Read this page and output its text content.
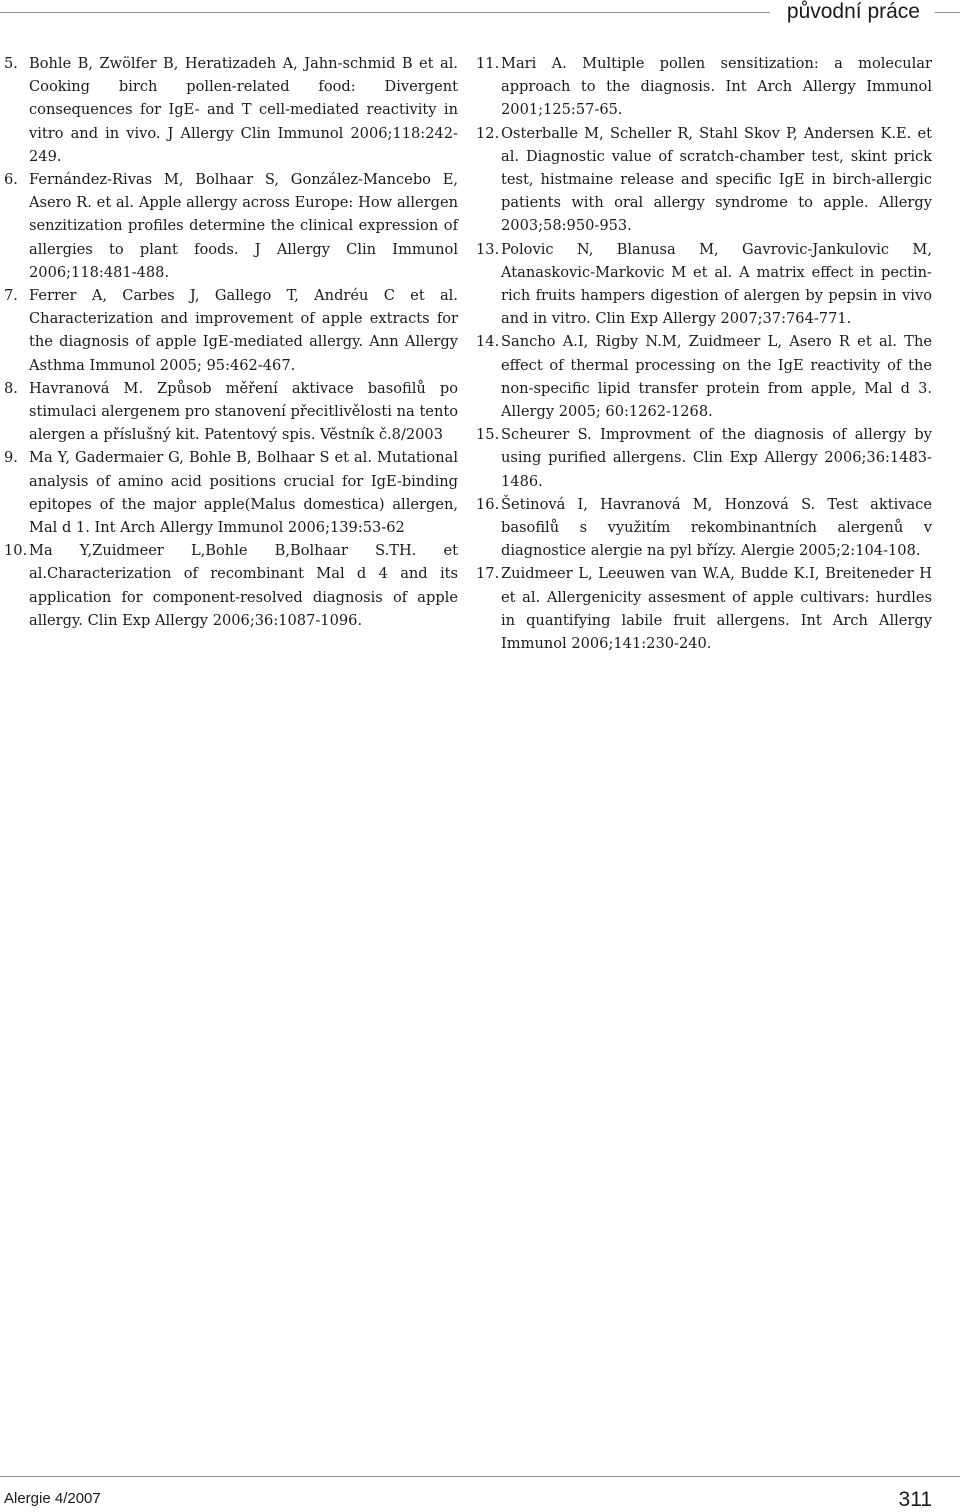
původní práce
5. Bohle B, Zwölfer B, Heratizadeh A, Jahn-schmid B et al. Cooking birch pollen-related food: Divergent consequences for IgE- and T cell-mediated reactivity in vitro and in vivo. J Allergy Clin Immunol 2006;118:242-249.
6. Fernández-Rivas M, Bolhaar S, González-Mancebo E, Asero R. et al. Apple allergy across Europe: How allergen senzitization profiles determine the clinical expression of allergies to plant foods. J Allergy Clin Immunol 2006;118:481-488.
7. Ferrer A, Carbes J, Gallego T, Andréu C et al. Characterization and improvement of apple extracts for the diagnosis of apple IgE-mediated allergy. Ann Allergy Asthma Immunol 2005; 95:462-467.
8. Havranová M. Způsob měření aktivace basofilů po stimulaci alergenem pro stanovení přecitlivělosti na tento alergen a příslušný kit. Patentový spis. Věstník č.8/2003
9. Ma Y, Gadermaier G, Bohle B, Bolhaar S et al. Mutational analysis of amino acid positions crucial for IgE-binding epitopes of the major apple(Malus domestica) allergen, Mal d 1. Int Arch Allergy Immunol 2006;139:53-62
10. Ma Y,Zuidmeer L,Bohle B,Bolhaar S.TH. et al.Characterization of recombinant Mal d 4 and its application for component-resolved diagnosis of apple allergy. Clin Exp Allergy 2006;36:1087-1096.
11. Mari A. Multiple pollen sensitization: a molecular approach to the diagnosis. Int Arch Allergy Immunol 2001;125:57-65.
12. Osterballe M, Scheller R, Stahl Skov P, Andersen K.E. et al. Diagnostic value of scratch-chamber test, skint prick test, histmaine release and specific IgE in birch-allergic patients with oral allergy syndrome to apple. Allergy 2003;58:950-953.
13. Polovic N, Blanusa M, Gavrovic-Jankulovic M, Atanaskovic-Markovic M et al. A matrix effect in pectin-rich fruits hampers digestion of alergen by pepsin in vivo and in vitro. Clin Exp Allergy 2007;37:764-771.
14. Sancho A.I, Rigby N.M, Zuidmeer L, Asero R et al. The effect of thermal processing on the IgE reactivity of the non-specific lipid transfer protein from apple, Mal d 3. Allergy 2005; 60:1262-1268.
15. Scheurer S. Improvment of the diagnosis of allergy by using purified allergens. Clin Exp Allergy 2006;36:1483-1486.
16. Šetinová I, Havranová M, Honzová S. Test aktivace basofilů s využitím rekombinantních alergenů v diagnostice alergie na pyl břízy. Alergie 2005;2:104-108.
17. Zuidmeer L, Leeuwen van W.A, Budde K.I, Breiteneder H et al. Allergenicity assesment of apple cultivars: hurdles in quantifying labile fruit allergens. Int Arch Allergy Immunol 2006;141:230-240.
Alergie 4/2007	311
